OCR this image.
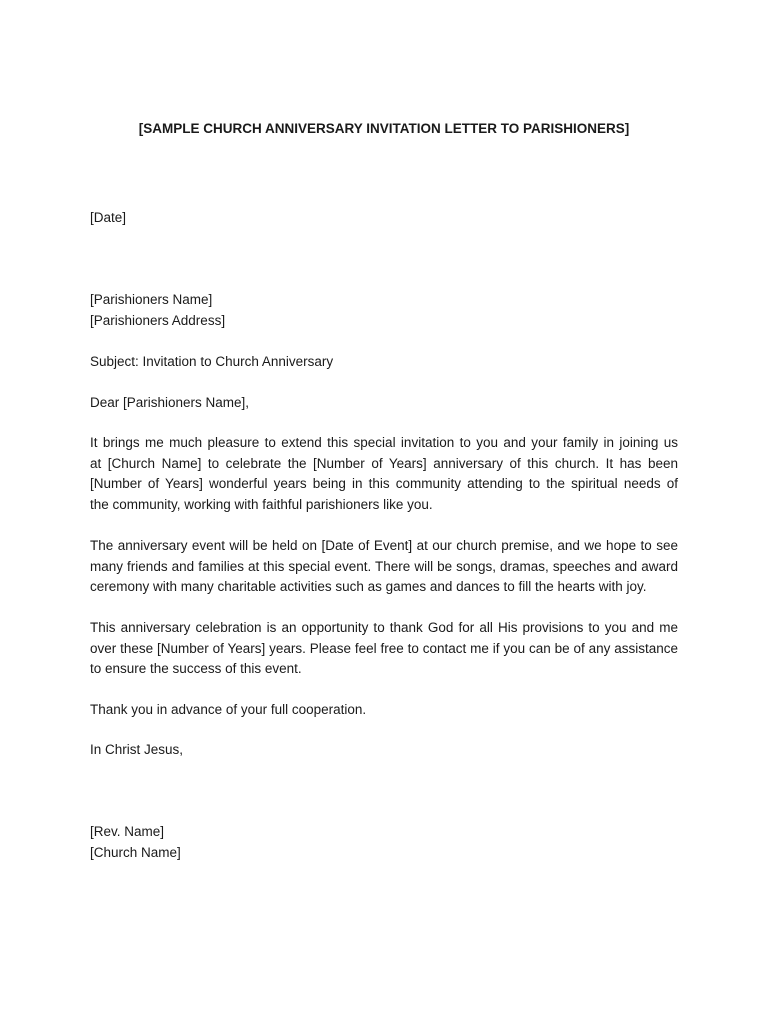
[SAMPLE CHURCH ANNIVERSARY INVITATION LETTER TO PARISHIONERS]
[Date]
[Parishioners Name]
[Parishioners Address]
Subject: Invitation to Church Anniversary
Dear [Parishioners Name],
It brings me much pleasure to extend this special invitation to you and your family in joining us
at [Church Name] to celebrate the [Number of Years] anniversary of this church. It has been
[Number of Years] wonderful years being in this community attending to the spiritual needs of
the community, working with faithful parishioners like you.
The anniversary event will be held on [Date of Event] at our church premise, and we hope to see
many friends and families at this special event. There will be songs, dramas, speeches and award
ceremony with many charitable activities such as games and dances to fill the hearts with joy.
This anniversary celebration is an opportunity to thank God for all His provisions to you and me
over these [Number of Years] years. Please feel free to contact me if you can be of any assistance
to ensure the success of this event.
Thank you in advance of your full cooperation.
In Christ Jesus,
[Rev. Name]
[Church Name]
